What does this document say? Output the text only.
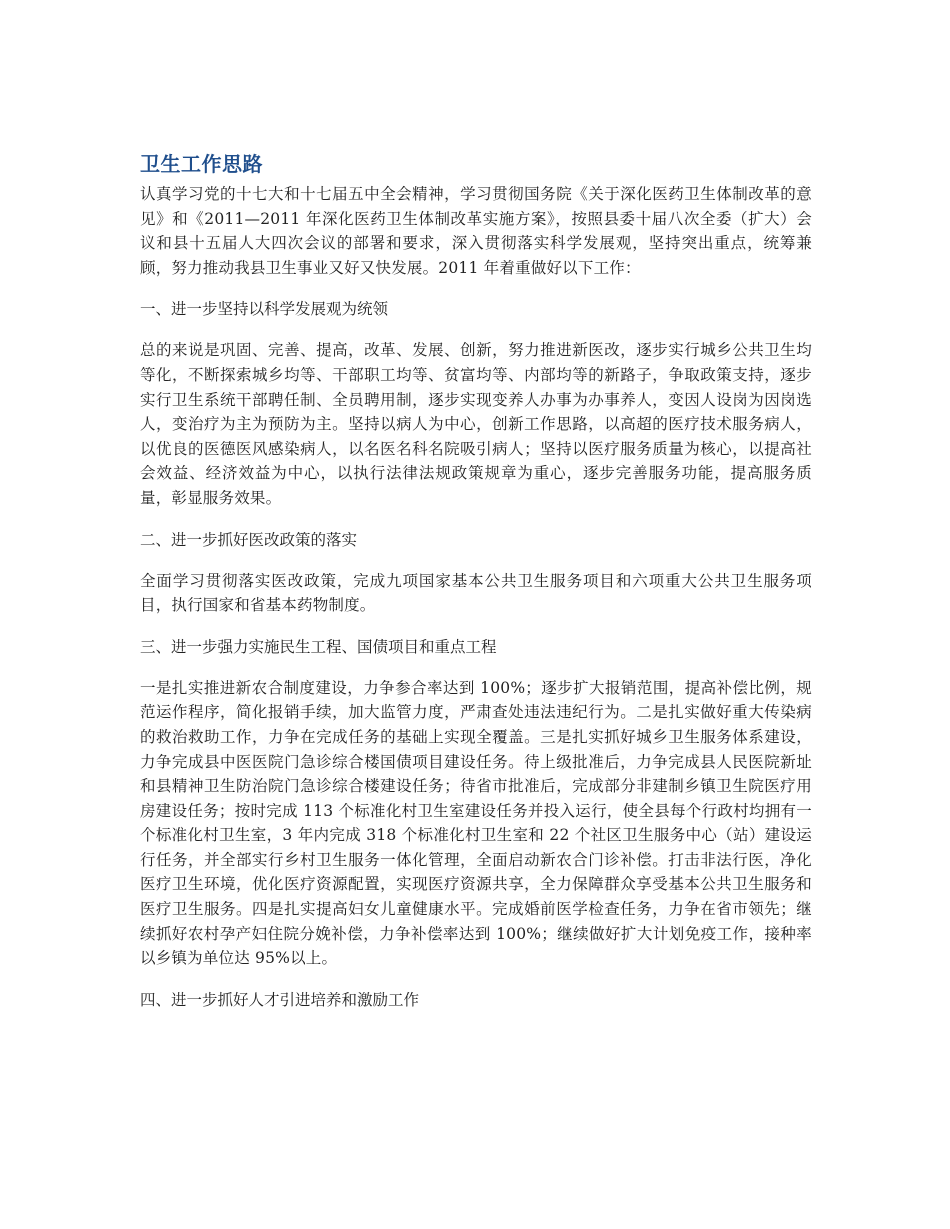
卫生工作思路

认真学习党的十七大和十七届五中全会精神，学习贯彻国务院《关于深化医药卫生体制改革的意见》和《2011—2011 年深化医药卫生体制改革实施方案》，按照县委十届八次全委（扩大）会议和县十五届人大四次会议的部署和要求，深入贯彻落实科学发展观，坚持突出重点，统筹兼顾，努力推动我县卫生事业又好又快发展。2011 年着重做好以下工作：

一、进一步坚持以科学发展观为统领

总的来说是巩固、完善、提高，改革、发展、创新，努力推进新医改，逐步实行城乡公共卫生均等化，不断探索城乡均等、干部职工均等、贫富均等、内部均等的新路子，争取政策支持，逐步实行卫生系统干部聘任制、全员聘用制，逐步实现变养人办事为办事养人，变因人设岗为因岗选人，变治疗为主为预防为主。坚持以病人为中心，创新工作思路，以高超的医疗技术服务病人，以优良的医德医风感染病人，以名医名科名院吸引病人；坚持以医疗服务质量为核心，以提高社会效益、经济效益为中心，以执行法律法规政策规章为重心，逐步完善服务功能，提高服务质量，彰显服务效果。

二、进一步抓好医改政策的落实

全面学习贯彻落实医改政策，完成九项国家基本公共卫生服务项目和六项重大公共卫生服务项目，执行国家和省基本药物制度。

三、进一步强力实施民生工程、国债项目和重点工程

一是扎实推进新农合制度建设，力争参合率达到 100%；逐步扩大报销范围，提高补偿比例，规范运作程序，简化报销手续，加大监管力度，严肃查处违法违纪行为。二是扎实做好重大传染病的救治救助工作，力争在完成任务的基础上实现全覆盖。三是扎实抓好城乡卫生服务体系建设，力争完成县中医医院门急诊综合楼国债项目建设任务。待上级批准后，力争完成县人民医院新址和县精神卫生防治院门急诊综合楼建设任务；待省市批准后，完成部分非建制乡镇卫生院医疗用房建设任务；按时完成 113 个标准化村卫生室建设任务并投入运行，使全县每个行政村均拥有一个标准化村卫生室，3 年内完成 318 个标准化村卫生室和 22 个社区卫生服务中心（站）建设运行任务，并全部实行乡村卫生服务一体化管理，全面启动新农合门诊补偿。打击非法行医，净化医疗卫生环境，优化医疗资源配置，实现医疗资源共享，全力保障群众享受基本公共卫生服务和医疗卫生服务。四是扎实提高妇女儿童健康水平。完成婚前医学检查任务，力争在省市领先；继续抓好农村孕产妇住院分娩补偿，力争补偿率达到 100%；继续做好扩大计划免疫工作，接种率以乡镇为单位达 95%以上。

四、进一步抓好人才引进培养和激励工作
